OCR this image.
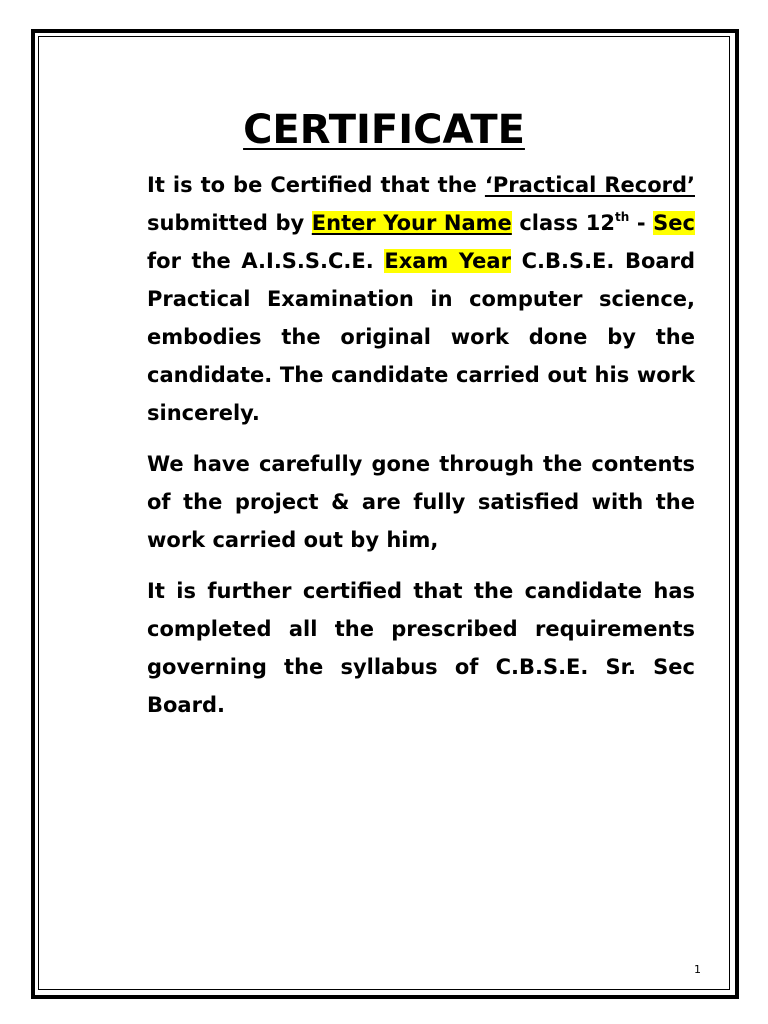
CERTIFICATE

It is to be Certified that the ‘Practical Record’ submitted by Enter Your Name class 12th - Sec for the A.I.S.S.C.E. Exam Year C.B.S.E. Board Practical Examination in computer science, embodies the original work done by the candidate. The candidate carried out his work sincerely.

We have carefully gone through the contents of the project & are fully satisfied with the work carried out by him,

It is further certified that the candidate has completed all the prescribed requirements governing the syllabus of C.B.S.E. Sr. Sec Board.

1
